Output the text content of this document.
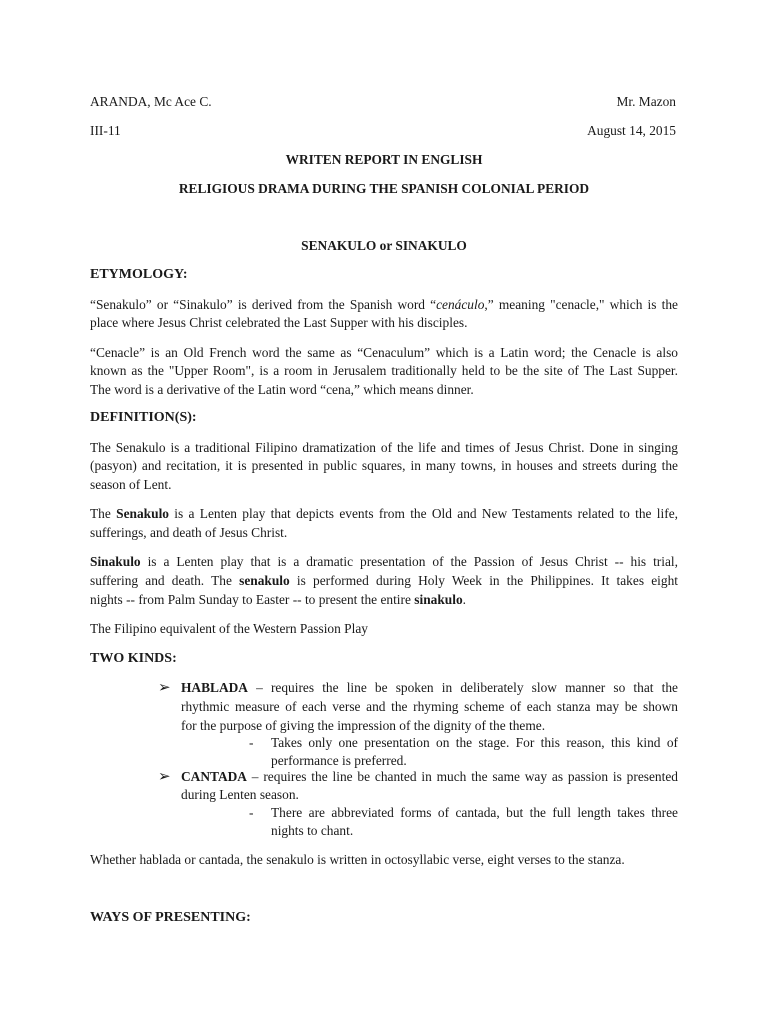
ARANDA, Mc Ace C.	Mr. Mazon
III-11	August 14, 2015
WRITEN REPORT IN ENGLISH
RELIGIOUS DRAMA DURING THE SPANISH COLONIAL PERIOD
SENAKULO or SINAKULO
ETYMOLOGY:
“Senakulo” or “Sinakulo” is derived from the Spanish word “cenáculo,” meaning "cenacle," which is the
place where Jesus Christ celebrated the Last Supper with his disciples.
“Cenacle” is an Old French word the same as “Cenaculum” which is a Latin word; the Cenacle is also
known as the "Upper Room", is a room in Jerusalem traditionally held to be the site of The Last Supper.
The word is a derivative of the Latin word “cena,” which means dinner.
DEFINITION(S):
The Senakulo is a traditional Filipino dramatization of the life and times of Jesus Christ. Done in singing
(pasyon) and recitation, it is presented in public squares, in many towns, in houses and streets during the
season of Lent.
The Senakulo is a Lenten play that depicts events from the Old and New Testaments related to the life,
sufferings, and death of Jesus Christ.
Sinakulo is a Lenten play that is a dramatic presentation of the Passion of Jesus Christ -- his trial,
suffering and death. The senakulo is performed during Holy Week in the Philippines. It takes eight
nights -- from Palm Sunday to Easter -- to present the entire sinakulo.
The Filipino equivalent of the Western Passion Play
TWO KINDS:
➢ HABLADA – requires the line be spoken in deliberately slow manner so that the
rhythmic measure of each verse and the rhyming scheme of each stanza may be shown
for the purpose of giving the impression of the dignity of the theme.
- Takes only one presentation on the stage. For this reason, this kind of
performance is preferred.
➢ CANTADA – requires the line be chanted in much the same way as passion is presented
during Lenten season.
- There are abbreviated forms of cantada, but the full length takes three
nights to chant.
Whether hablada or cantada, the senakulo is written in octosyllabic verse, eight verses to the stanza.
WAYS OF PRESENTING:
